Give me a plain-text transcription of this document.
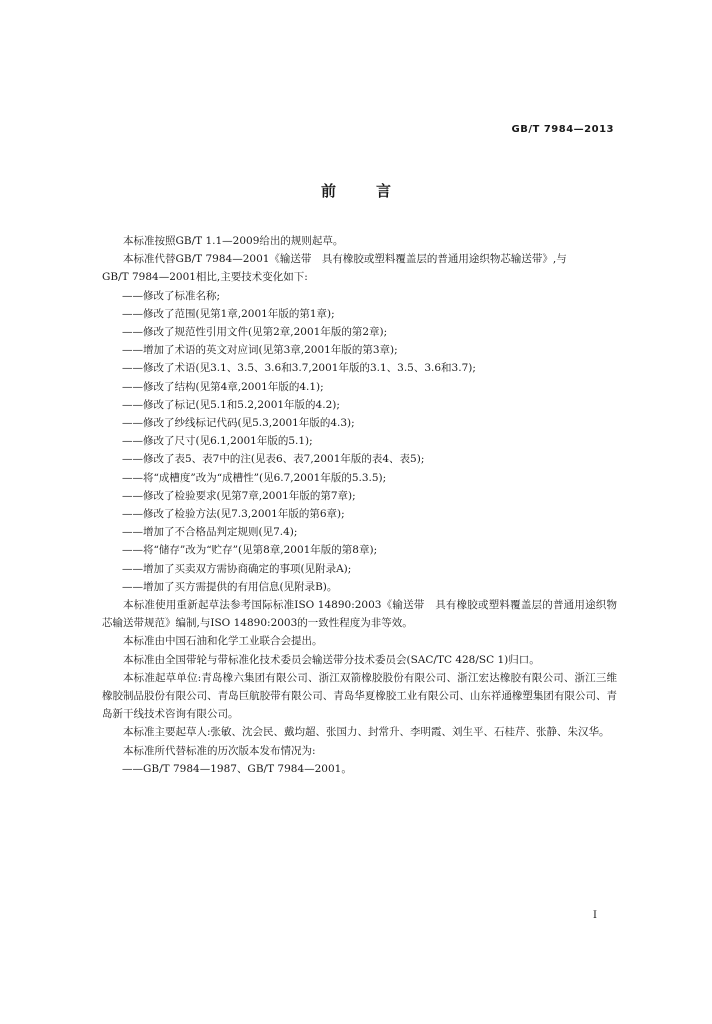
GB/T 7984—2013
前言

本标准按照GB/T 1.1—2009给出的规则起草。

本标准代替GB/T 7984—2001《输送带　具有橡胶或塑料覆盖层的普通用途织物芯输送带》,与

GB/T 7984—2001相比,主要技术变化如下:

——修改了标准名称;

——修改了范围(见第1章,2001年版的第1章);

——修改了规范性引用文件(见第2章,2001年版的第2章);

——增加了术语的英文对应词(见第3章,2001年版的第3章);

——修改了术语(见3.1、3.5、3.6和3.7,2001年版的3.1、3.5、3.6和3.7);

——修改了结构(见第4章,2001年版的4.1);

——修改了标记(见5.1和5.2,2001年版的4.2);

——修改了纱线标记代码(见5.3,2001年版的4.3);

——修改了尺寸(见6.1,2001年版的5.1);

——修改了表5、表7中的注(见表6、表7,2001年版的表4、表5);

——将“成槽度”改为“成槽性”(见6.7,2001年版的5.3.5);

——修改了检验要求(见第7章,2001年版的第7章);

——修改了检验方法(见7.3,2001年版的第6章);

——增加了不合格品判定规则(见7.4);

——将“储存”改为“贮存”(见第8章,2001年版的第8章);

——增加了买卖双方需协商确定的事项(见附录A);

——增加了买方需提供的有用信息(见附录B)。

本标准使用重新起草法参考国际标准ISO 14890:2003《输送带　具有橡胶或塑料覆盖层的普通用途织物芯输送带规范》编制,与ISO 14890:2003的一致性程度为非等效。

本标准由中国石油和化学工业联合会提出。

本标准由全国带轮与带标准化技术委员会输送带分技术委员会(SAC/TC 428/SC 1)归口。

本标准起草单位:青岛橡六集团有限公司、浙江双箭橡胶股份有限公司、浙江宏达橡胶有限公司、浙江三维橡胶制品股份有限公司、青岛巨航胶带有限公司、青岛华夏橡胶工业有限公司、山东祥通橡塑集团有限公司、青岛新干线技术咨询有限公司。

本标准主要起草人:张敏、沈会民、戴均超、张国力、封常升、李明霞、刘生平、石桂芹、张静、朱汉华。

本标准所代替标准的历次版本发布情况为:

——GB/T 7984—1987、GB/T 7984—2001。

I
